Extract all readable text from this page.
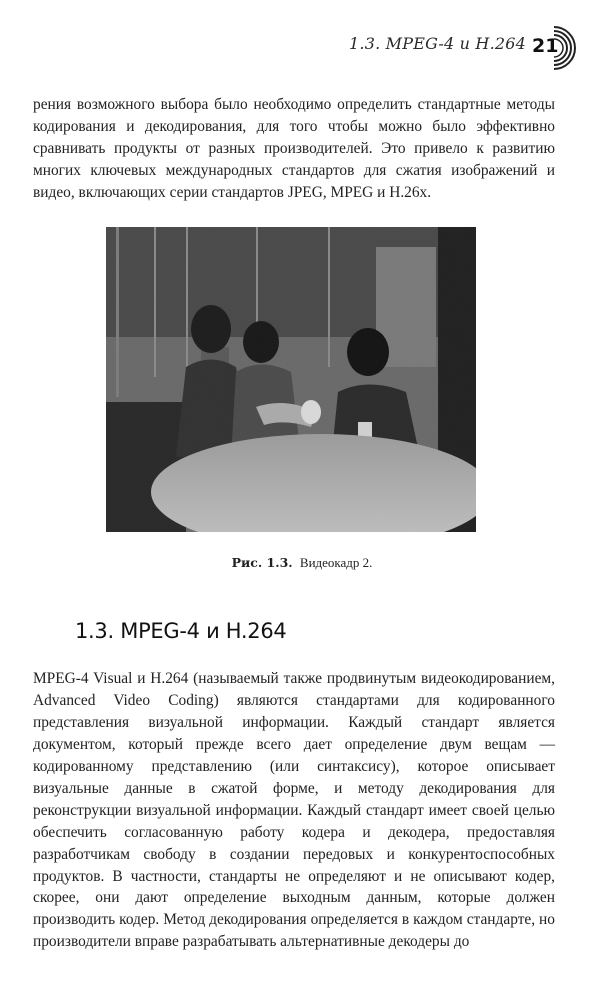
1.3. MPEG-4 и H.264 21

рения возможного выбора было необходимо определить стандартные методы кодирования и декодирования, для того чтобы можно было эффективно сравнивать продукты от разных производителей. Это привело к развитию многих ключевых международных стандартов для сжатия изображений и видео, включающих серии стандартов JPEG, MPEG и H.26x.

Рис. 1.3. Видеокадр 2.
1.3. MPEG-4 и H.264

MPEG-4 Visual и H.264 (называемый также продвинутым видеокодированием, Advanced Video Coding) являются стандартами для кодированного представления визуальной информации. Каждый стандарт является документом, который прежде всего дает определение двум вещам — кодированному представлению (или синтаксису), которое описывает визуальные данные в сжатой форме, и методу декодирования для реконструкции визуальной информации. Каждый стандарт имеет своей целью обеспечить согласованную работу кодера и декодера, предоставляя разработчикам свободу в создании передовых и конкурентоспособных продуктов. В частности, стандарты не определяют и не описывают кодер, скорее, они дают определение выходным данным, которые должен производить кодер. Метод декодирования определяется в каждом стандарте, но производители вправе разрабатывать альтернативные декодеры до
